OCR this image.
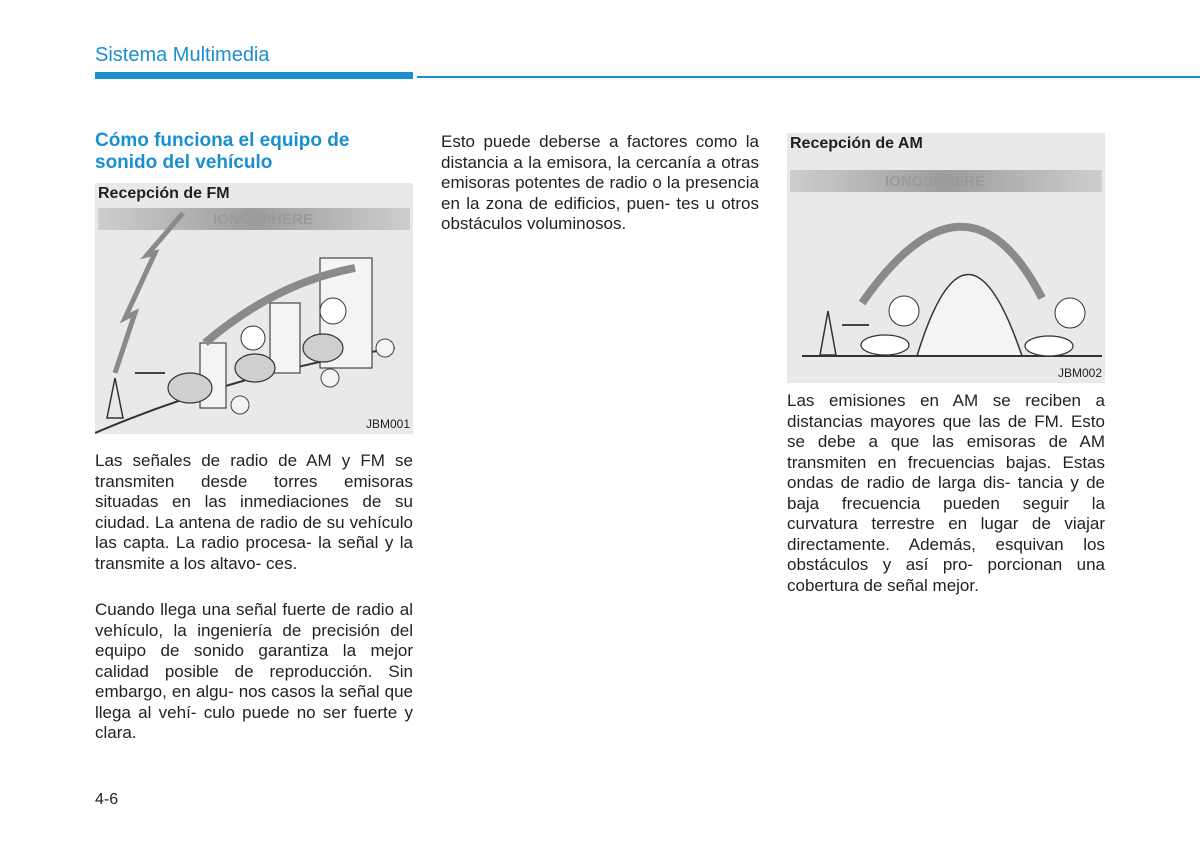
Sistema Multimedia
Cómo funciona el equipo de sonido del vehículo
IONOSPHERE
Recepción de FM
JBM001

Las señales de radio de AM y FM se transmiten desde torres emisoras situadas en las inmediaciones de su ciudad. La antena de radio de su vehículo las capta. La radio procesa- la señal y la transmite a los altavo- ces.

Cuando llega una señal fuerte de radio al vehículo, la ingeniería de precisión del equipo de sonido garantiza la mejor calidad posible de reproducción. Sin embargo, en algu- nos casos la señal que llega al vehí- culo puede no ser fuerte y clara.

Esto puede deberse a factores como la distancia a la emisora, la cercanía a otras emisoras potentes de radio o la presencia en la zona de edificios, puen- tes u otros obstáculos voluminosos.

IONOSPHERE
Recepción de AM
JBM002

Las emisiones en AM se reciben a distancias mayores que las de FM. Esto se debe a que las emisoras de AM transmiten en frecuencias bajas. Estas ondas de radio de larga dis- tancia y de baja frecuencia pueden seguir la curvatura terrestre en lugar de viajar directamente. Además, esquivan los obstáculos y así pro- porcionan una cobertura de señal mejor.

4-6
